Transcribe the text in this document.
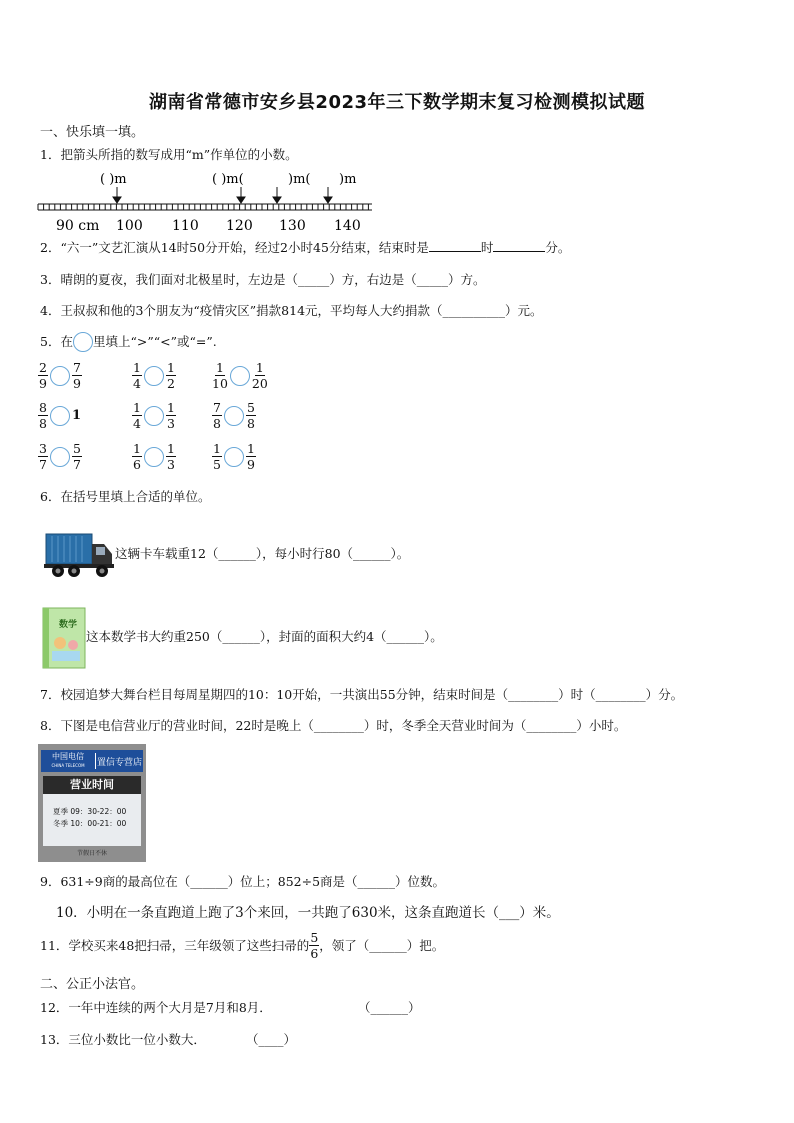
湖南省常德市安乡县2023年三下数学期末复习检测模拟试题
一、快乐填一填。
1．把箭头所指的数写成用“m”作单位的小数。
( )m	( )m(	)m( )m
90 cm 100 110 120 130 140
2．“六一”文艺汇演从14时50分开始，经过2小时45分结束，结束时是	时	分。
3．晴朗的夏夜，我们面对北极星时，左边是（_____）方，右边是（_____）方。
4．王叔叔和他的3个朋友为“疫情灾区”捐款814元，平均每人大约捐款（__________）元。
5．在 里填上“>”“<”或“=”.
$\frac{2}{9} \frac{7}{9}$	$\frac{1}{4} \frac{1}{2}$	$\frac{1}{10} \frac{1}{20}$
$\frac{8}{8} 1$	$\frac{1}{4} \frac{1}{3}$	$\frac{7}{8} \frac{5}{8}$
$\frac{3}{7} \frac{5}{7}$	$\frac{1}{6} \frac{1}{3}$	$\frac{1}{5} \frac{1}{9}$
6．在括号里填上合适的单位。
这辆卡车载重12（______），每小时行80（______）。
数学
这本数学书大约重250（______），封面的面积大约4（______）。
7．校园追梦大舞台栏目每周星期四的10：10开始，一共演出55分钟，结束时间是（________）时（________）分。
8．下图是电信营业厅的营业时间，22时是晚上（________）时，冬季全天营业时间为（________）小时。
中国电信
CHINA TELECOM	置信专营店
营业时间
夏季 09：30-22：00
冬季 10：00-21：00
节假日不休
9．631÷9商的最高位在（______）位上；852÷5商是（______）位数。
10．小明在一条直跑道上跑了3个来回，一共跑了630米，这条直跑道长（___）米。
11．学校买来48把扫帚，三年级领了这些扫帚的 $\frac{5}{6}$ ，领了（______）把。
二、公正小法官。
12．一年中连续的两个大月是7月和8月．	（______）
13．三位小数比一位小数大．	（____）
